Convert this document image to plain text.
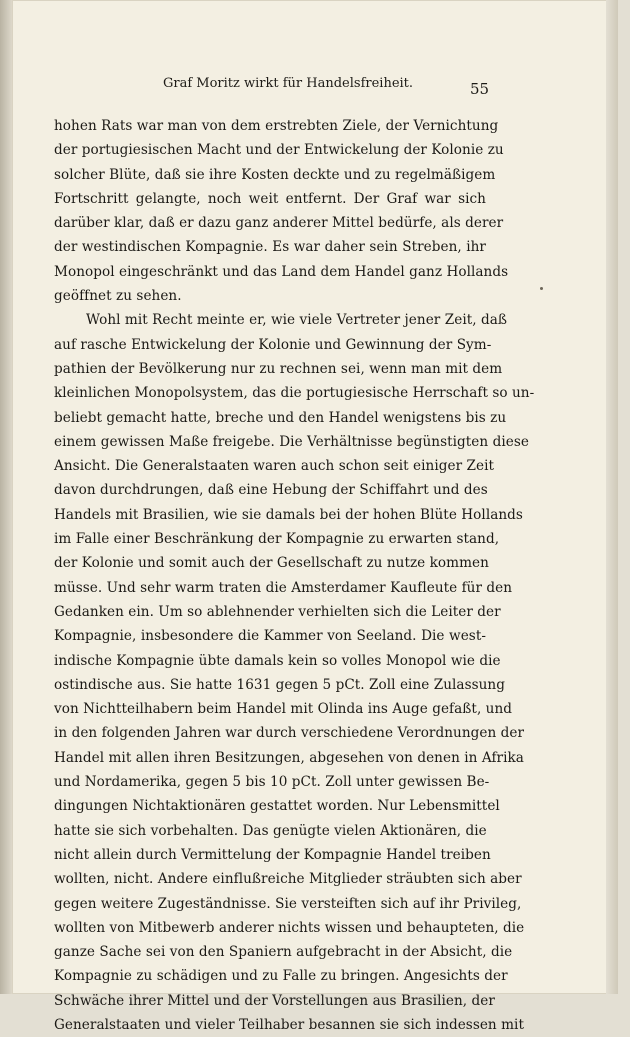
Graf Moritz wirkt für Handelsfreiheit.	55
hohen Rats war man von dem erstrebten Ziele, der Vernichtung
der portugiesischen Macht und der Entwickelung der Kolonie zu
solcher Blüte, daß sie ihre Kosten deckte und zu regelmäßigem
Fortschritt gelangte, noch weit entfernt. Der Graf war sich
darüber klar, daß er dazu ganz anderer Mittel bedürfe, als derer
der westindischen Kompagnie. Es war daher sein Streben, ihr
Monopol eingeschränkt und das Land dem Handel ganz Hollands
geöffnet zu sehen.
Wohl mit Recht meinte er, wie viele Vertreter jener Zeit, daß
auf rasche Entwickelung der Kolonie und Gewinnung der Sym-
pathien der Bevölkerung nur zu rechnen sei, wenn man mit dem
kleinlichen Monopolsystem, das die portugiesische Herrschaft so un-
beliebt gemacht hatte, breche und den Handel wenigstens bis zu
einem gewissen Maße freigebe. Die Verhältnisse begünstigten diese
Ansicht. Die Generalstaaten waren auch schon seit einiger Zeit
davon durchdrungen, daß eine Hebung der Schiffahrt und des
Handels mit Brasilien, wie sie damals bei der hohen Blüte Hollands
im Falle einer Beschränkung der Kompagnie zu erwarten stand,
der Kolonie und somit auch der Gesellschaft zu nutze kommen
müsse. Und sehr warm traten die Amsterdamer Kaufleute für den
Gedanken ein. Um so ablehnender verhielten sich die Leiter der
Kompagnie, insbesondere die Kammer von Seeland. Die west-
indische Kompagnie übte damals kein so volles Monopol wie die
ostindische aus. Sie hatte 1631 gegen 5 pCt. Zoll eine Zulassung
von Nichtteilhabern beim Handel mit Olinda ins Auge gefaßt, und
in den folgenden Jahren war durch verschiedene Verordnungen der
Handel mit allen ihren Besitzungen, abgesehen von denen in Afrika
und Nordamerika, gegen 5 bis 10 pCt. Zoll unter gewissen Be-
dingungen Nichtaktionären gestattet worden. Nur Lebensmittel
hatte sie sich vorbehalten. Das genügte vielen Aktionären, die
nicht allein durch Vermittelung der Kompagnie Handel treiben
wollten, nicht. Andere einflußreiche Mitglieder sträubten sich aber
gegen weitere Zugeständnisse. Sie versteiften sich auf ihr Privileg,
wollten von Mitbewerb anderer nichts wissen und behaupteten, die
ganze Sache sei von den Spaniern aufgebracht in der Absicht, die
Kompagnie zu schädigen und zu Falle zu bringen. Angesichts der
Schwäche ihrer Mittel und der Vorstellungen aus Brasilien, der
Generalstaaten und vieler Teilhaber besannen sie sich indessen mit
